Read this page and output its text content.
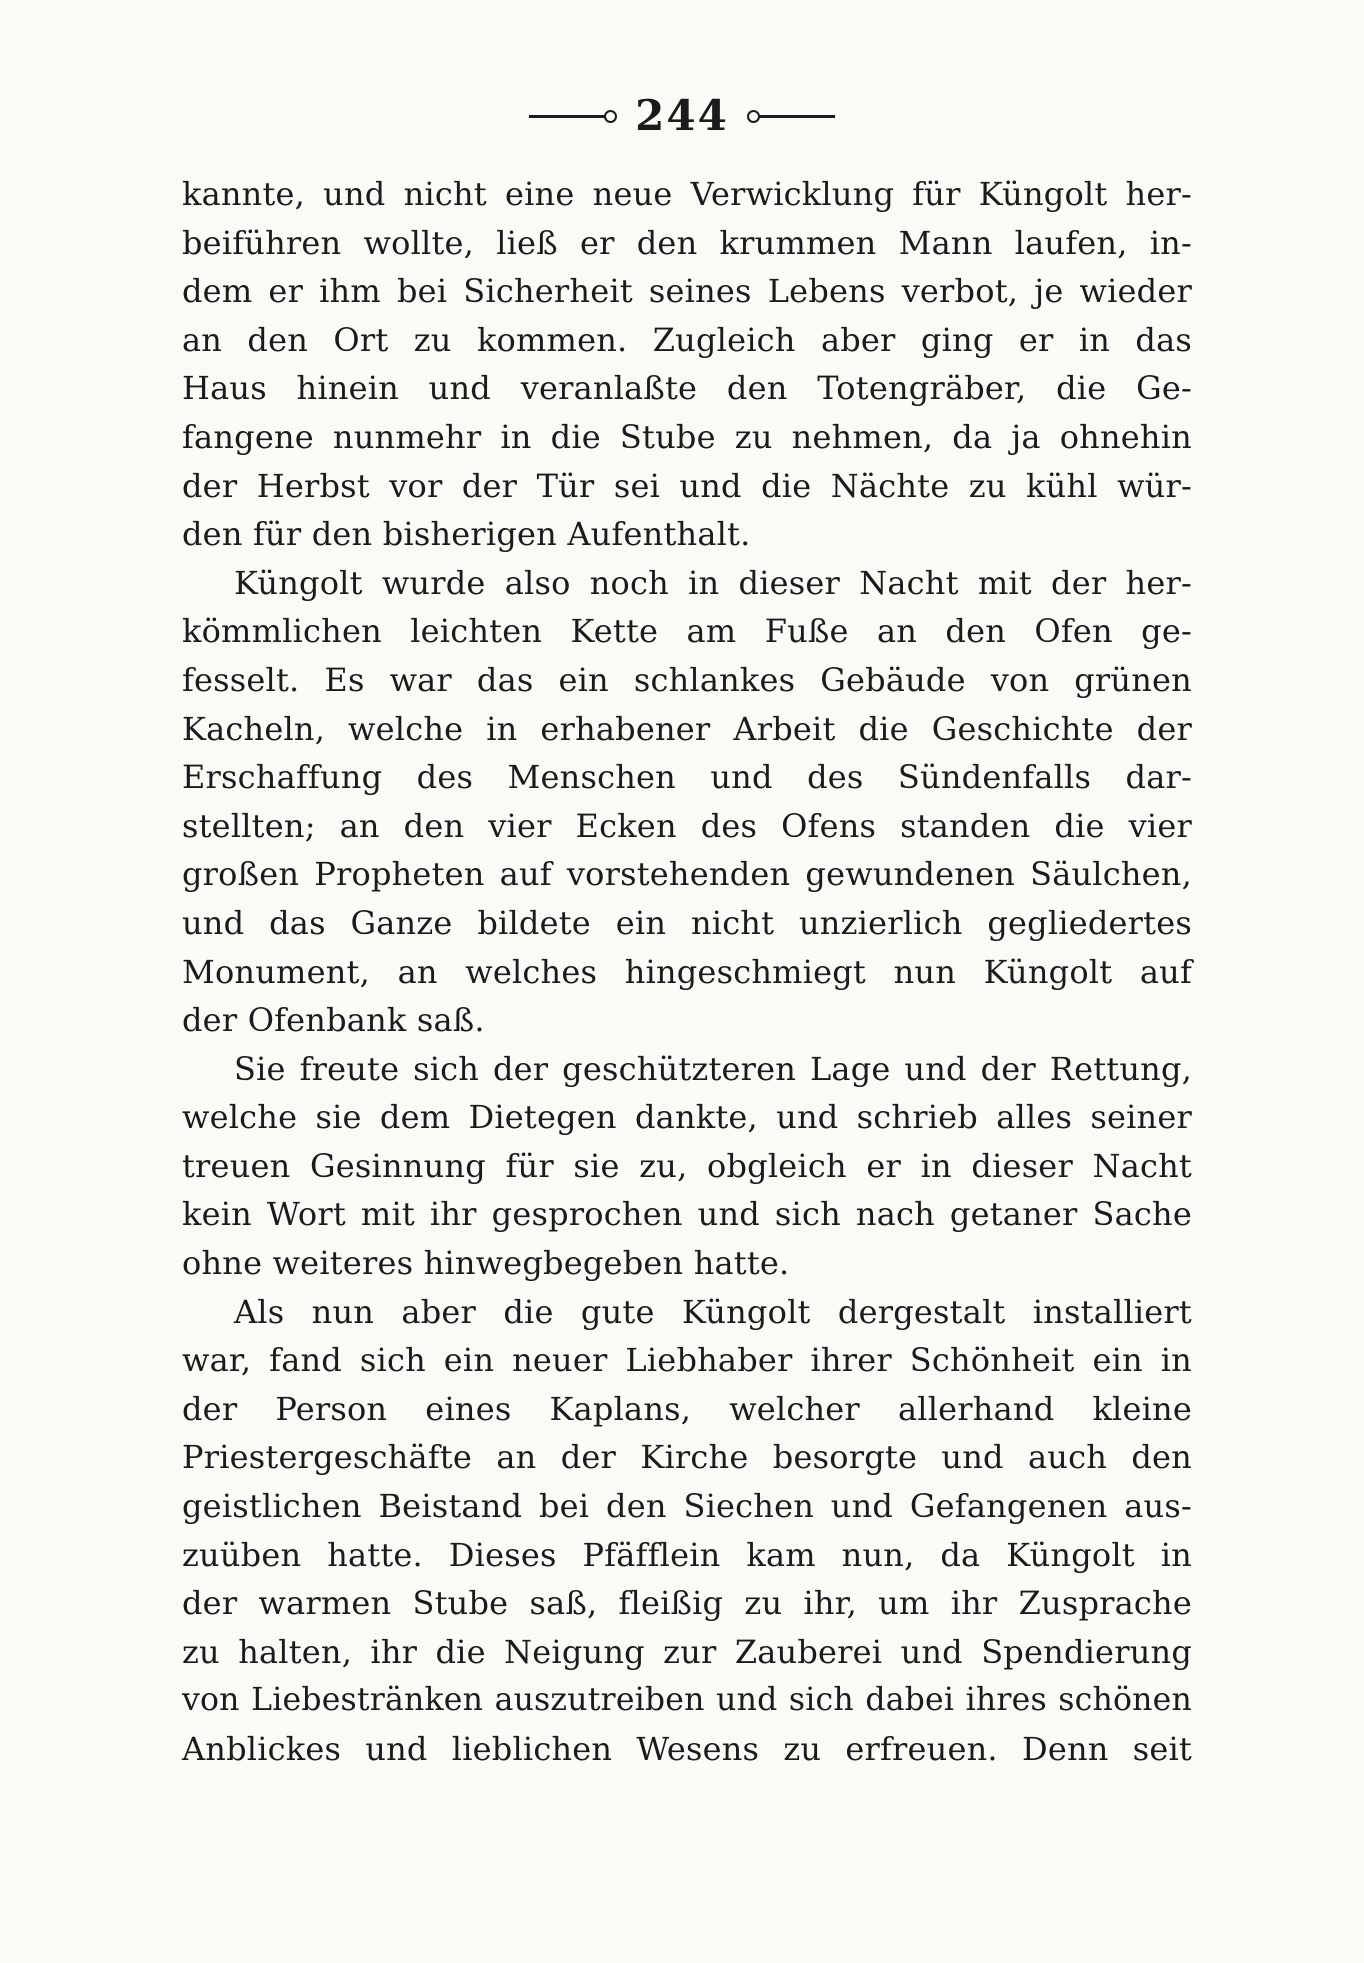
244
kannte, und nicht eine neue Verwicklung für Küngolt her-
beiführen wollte, ließ er den krummen Mann laufen, in-
dem er ihm bei Sicherheit seines Lebens verbot, je wieder
an den Ort zu kommen. Zugleich aber ging er in das
Haus hinein und veranlaßte den Totengräber, die Ge-
fangene nunmehr in die Stube zu nehmen, da ja ohnehin
der Herbst vor der Tür sei und die Nächte zu kühl wür-
den für den bisherigen Aufenthalt.
Küngolt wurde also noch in dieser Nacht mit der her-
kömmlichen leichten Kette am Fuße an den Ofen ge-
fesselt. Es war das ein schlankes Gebäude von grünen
Kacheln, welche in erhabener Arbeit die Geschichte der
Erschaffung des Menschen und des Sündenfalls dar-
stellten; an den vier Ecken des Ofens standen die vier
großen Propheten auf vorstehenden gewundenen Säulchen,
und das Ganze bildete ein nicht unzierlich gegliedertes
Monument, an welches hingeschmiegt nun Küngolt auf
der Ofenbank saß.
Sie freute sich der geschützteren Lage und der Rettung,
welche sie dem Dietegen dankte, und schrieb alles seiner
treuen Gesinnung für sie zu, obgleich er in dieser Nacht
kein Wort mit ihr gesprochen und sich nach getaner Sache
ohne weiteres hinwegbegeben hatte.
Als nun aber die gute Küngolt dergestalt installiert
war, fand sich ein neuer Liebhaber ihrer Schönheit ein in
der Person eines Kaplans, welcher allerhand kleine
Priestergeschäfte an der Kirche besorgte und auch den
geistlichen Beistand bei den Siechen und Gefangenen aus-
zuüben hatte. Dieses Pfäfflein kam nun, da Küngolt in
der warmen Stube saß, fleißig zu ihr, um ihr Zusprache
zu halten, ihr die Neigung zur Zauberei und Spendierung
von Liebestränken auszutreiben und sich dabei ihres schönen
Anblickes und lieblichen Wesens zu erfreuen. Denn seit
